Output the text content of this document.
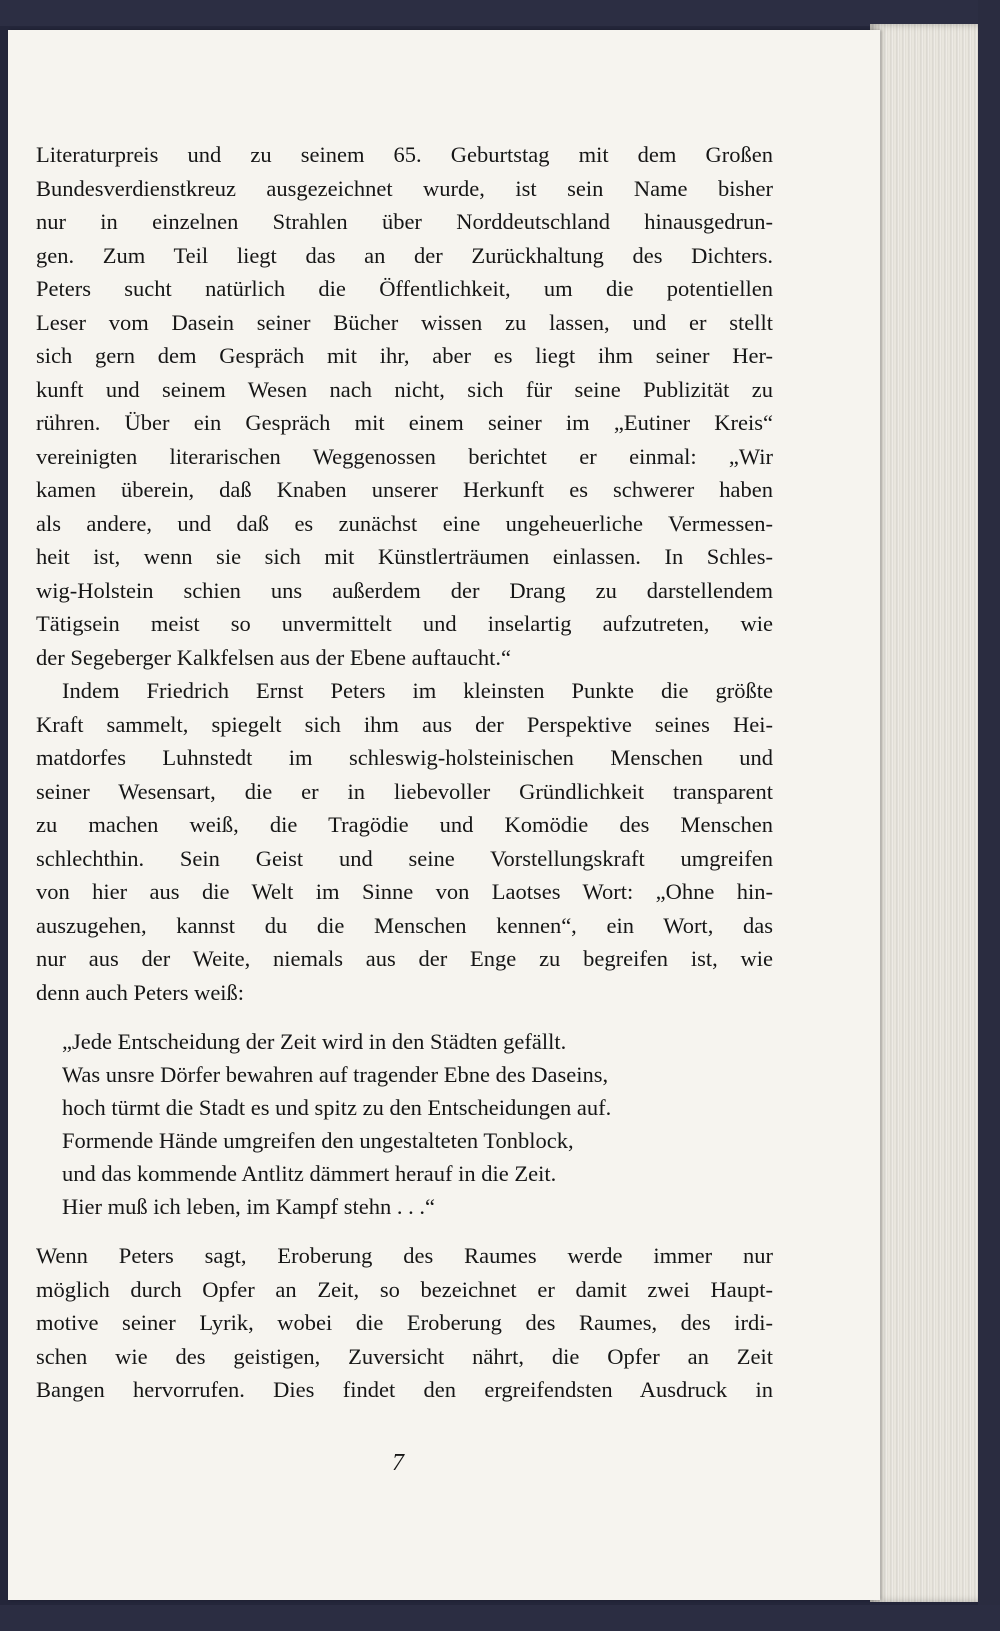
Literaturpreis und zu seinem 65. Geburtstag mit dem Großen
Bundesverdienstkreuz ausgezeichnet wurde, ist sein Name bisher
nur in einzelnen Strahlen über Norddeutschland hinausgedrun-
gen. Zum Teil liegt das an der Zurückhaltung des Dichters.
Peters sucht natürlich die Öffentlichkeit, um die potentiellen
Leser vom Dasein seiner Bücher wissen zu lassen, und er stellt
sich gern dem Gespräch mit ihr, aber es liegt ihm seiner Her-
kunft und seinem Wesen nach nicht, sich für seine Publizität zu
rühren. Über ein Gespräch mit einem seiner im „Eutiner Kreis“
vereinigten literarischen Weggenossen berichtet er einmal: „Wir
kamen überein, daß Knaben unserer Herkunft es schwerer haben
als andere, und daß es zunächst eine ungeheuerliche Vermessen-
heit ist, wenn sie sich mit Künstlerträumen einlassen. In Schles-
wig-Holstein schien uns außerdem der Drang zu darstellendem
Tätigsein meist so unvermittelt und inselartig aufzutreten, wie
der Segeberger Kalkfelsen aus der Ebene auftaucht.“
Indem Friedrich Ernst Peters im kleinsten Punkte die größte
Kraft sammelt, spiegelt sich ihm aus der Perspektive seines Hei-
matdorfes Luhnstedt im schleswig-holsteinischen Menschen und
seiner Wesensart, die er in liebevoller Gründlichkeit transparent
zu machen weiß, die Tragödie und Komödie des Menschen
schlechthin. Sein Geist und seine Vorstellungskraft umgreifen
von hier aus die Welt im Sinne von Laotses Wort: „Ohne hin-
auszugehen, kannst du die Menschen kennen“, ein Wort, das
nur aus der Weite, niemals aus der Enge zu begreifen ist, wie
denn auch Peters weiß:
„Jede Entscheidung der Zeit wird in den Städten gefällt.
Was unsre Dörfer bewahren auf tragender Ebne des Daseins,
hoch türmt die Stadt es und spitz zu den Entscheidungen auf.
Formende Hände umgreifen den ungestalteten Tonblock,
und das kommende Antlitz dämmert herauf in die Zeit.
Hier muß ich leben, im Kampf stehn . . .“
Wenn Peters sagt, Eroberung des Raumes werde immer nur
möglich durch Opfer an Zeit, so bezeichnet er damit zwei Haupt-
motive seiner Lyrik, wobei die Eroberung des Raumes, des irdi-
schen wie des geistigen, Zuversicht nährt, die Opfer an Zeit
Bangen hervorrufen. Dies findet den ergreifendsten Ausdruck in
7
